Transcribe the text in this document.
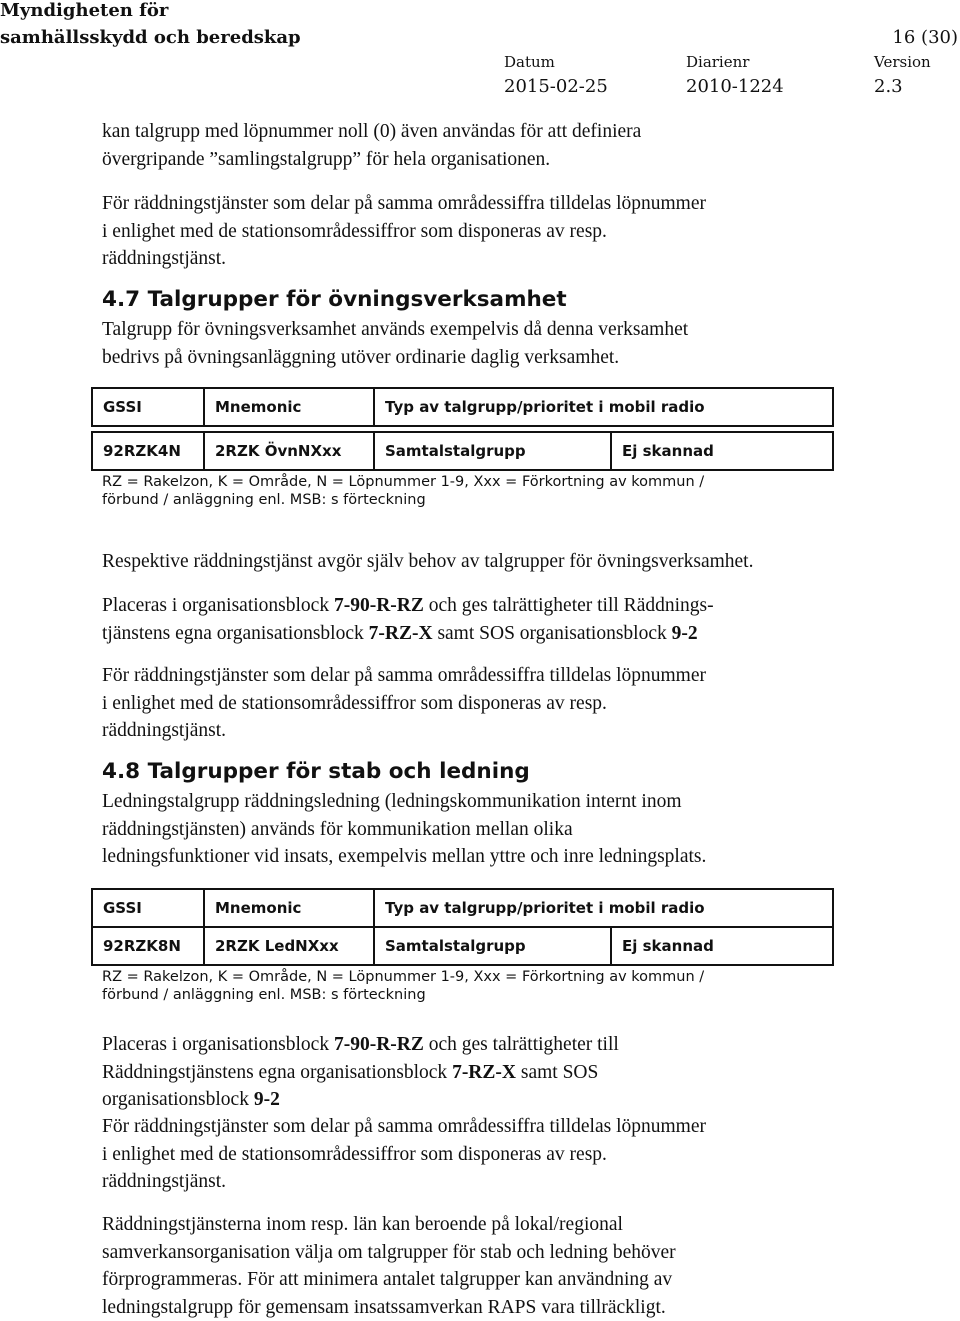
Myndigheten för
samhällsskydd och beredskap	16 (30)
Datum
2015-02-25
Diarienr
2010-1224
Version
2.3
kan talgrupp med löpnummer noll (0) även användas för att definiera
övergripande ”samlingstalgrupp” för hela organisationen.
För räddningstjänster som delar på samma områdessiffra tilldelas löpnummer
i enlighet med de stationsområdessiffror som disponeras av resp.
räddningstjänst.
4.7 Talgrupper för övningsverksamhet
Talgrupp för övningsverksamhet används exempelvis då denna verksamhet
bedrivs på övningsanläggning utöver ordinarie daglig verksamhet.
GSSI	Mnemonic	Typ av talgrupp/prioritet i mobil radio	

92RZK4N	2RZK ÖvnNXxx	Samtalstalgrupp	Ej skannad

RZ = Rakelzon, K = Område, N = Löpnummer 1-9, Xxx = Förkortning av kommun /
förbund / anläggning enl. MSB: s förteckning			
Respektive räddningstjänst avgör själv behov av talgrupper för övningsverksamhet.
Placeras i organisationsblock 7-90-R-RZ och ges talrättigheter till Räddnings-
tjänstens egna organisationsblock 7-RZ-X samt SOS organisationsblock 9-2
För räddningstjänster som delar på samma områdessiffra tilldelas löpnummer
i enlighet med de stationsområdessiffror som disponeras av resp.
räddningstjänst.
4.8 Talgrupper för stab och ledning
Ledningstalgrupp räddningsledning (ledningskommunikation internt inom
räddningstjänsten) används för kommunikation mellan olika
ledningsfunktioner vid insats, exempelvis mellan yttre och inre ledningsplats.
GSSI	Mnemonic	Typ av talgrupp/prioritet i mobil radio	
92RZK8N	2RZK LedNXxx	Samtalstalgrupp	Ej skannad

RZ = Rakelzon, K = Område, N = Löpnummer 1-9, Xxx = Förkortning av kommun /
förbund / anläggning enl. MSB: s förteckning			
Placeras i organisationsblock 7-90-R-RZ och ges talrättigheter till
Räddningstjänstens egna organisationsblock 7-RZ-X samt SOS
organisationsblock 9-2
För räddningstjänster som delar på samma områdessiffra tilldelas löpnummer
i enlighet med de stationsområdessiffror som disponeras av resp.
räddningstjänst.
Räddningstjänsterna inom resp. län kan beroende på lokal/regional
samverkansorganisation välja om talgrupper för stab och ledning behöver
förprogrammeras. För att minimera antalet talgrupper kan användning av
ledningstalgrupp för gemensam insatssamverkan RAPS vara tillräckligt.
